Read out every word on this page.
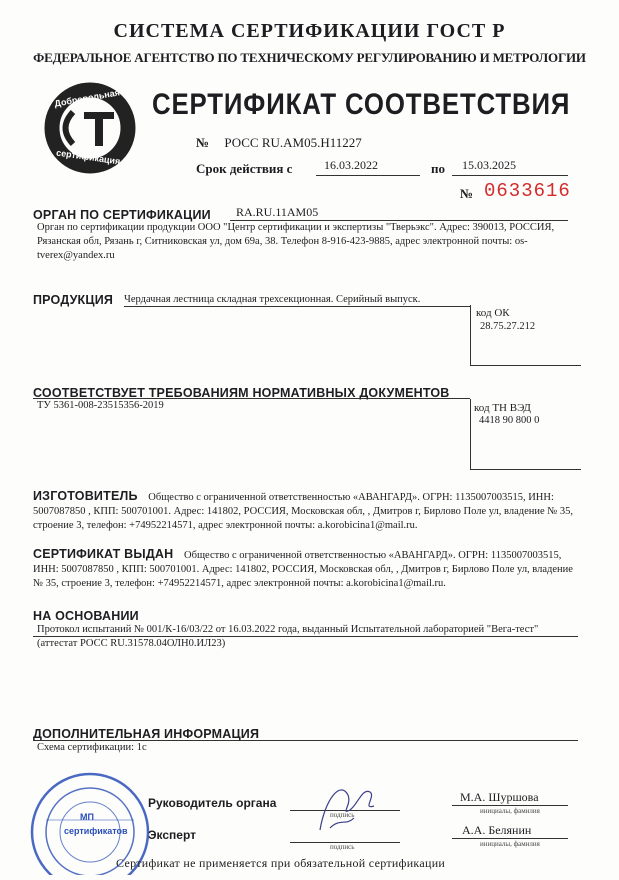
СИСТЕМА СЕРТИФИКАЦИИ ГОСТ Р
ФЕДЕРАЛЬНОЕ АГЕНТСТВО ПО ТЕХНИЧЕСКОМУ РЕГУЛИРОВАНИЮ И МЕТРОЛОГИИ
Добровольная
сертификация
СЕРТИФИКАТ СООТВЕТСТВИЯ
№ РОСС RU.АМ05.Н11227
Срок действия с	16.03.2022	по 15.03.2025
№ 0633616
ОРГАН ПО СЕРТИФИКАЦИИ RA.RU.11АМ05
Орган по сертификации продукции ООО "Центр сертификации и экспертизы "Тверьэкс". Адрес: 390013, РОССИЯ, Рязанская обл, Рязань г, Ситниковская ул, дом 69а, 38. Телефон 8-916-423-9885, адрес электронной почты: os-tverex@yandex.ru
ПРОДУКЦИЯ Чердачная лестница складная трехсекционная. Серийный выпуск.
код ОК
28.75.27.212
СООТВЕТСТВУЕТ ТРЕБОВАНИЯМ НОРМАТИВНЫХ ДОКУМЕНТОВ
ТУ 5361-008-23515356-2019	код ТН ВЭД
4418 90 800 0
ИЗГОТОВИТЕЛЬ Общество с ограниченной ответственностью «АВАНГАРД». ОГРН: 1135007003515, ИНН: 5007087850 , КПП: 500701001. Адрес: 141802, РОССИЯ, Московская обл, , Дмитров г, Бирлово Поле ул, владение № 35, строение 3, телефон: +74952214571, адрес электронной почты: a.korobicina1@mail.ru.
СЕРТИФИКАТ ВЫДАН Общество с ограниченной ответственностью «АВАНГАРД». ОГРН: 1135007003515, ИНН: 5007087850 , КПП: 500701001. Адрес: 141802, РОССИЯ, Московская обл, , Дмитров г, Бирлово Поле ул, владение № 35, строение 3, телефон: +74952214571, адрес электронной почты: a.korobicina1@mail.ru.
НА ОСНОВАНИИ
Протокол испытаний № 001/К-16/03/22 от 16.03.2022 года, выданный Испытательной лабораторией "Вега-тест" (аттестат РОСС RU.31578.04ОЛН0.ИЛ23)
ДОПОЛНИТЕЛЬНАЯ ИНФОРМАЦИЯ
Схема сертификации: 1с
МП
сертификатов
Руководитель органа
подпись
М.А. Шуршова
инициалы, фамилия
Эксперт
подпись
А.А. Белянин
инициалы, фамилия
Сертификат не применяется при обязательной сертификации
